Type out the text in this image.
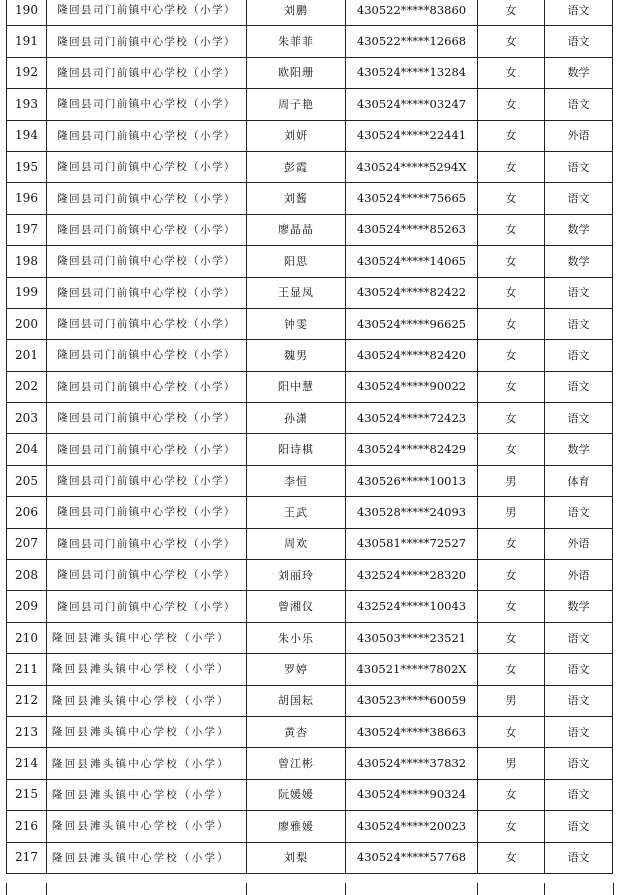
190	隆回县司门前镇中心学校（小学）	刘鹏	430522*****83860	女	语文
191	隆回县司门前镇中心学校（小学）	朱菲菲	430522*****12668	女	语文
192	隆回县司门前镇中心学校（小学）	欧阳珊	430524*****13284	女	数学
193	隆回县司门前镇中心学校（小学）	周子艳	430524*****03247	女	语文
194	隆回县司门前镇中心学校（小学）	刘妍	430524*****22441	女	外语
195	隆回县司门前镇中心学校（小学）	彭霞	430524*****5294X	女	语文
196	隆回县司门前镇中心学校（小学）	刘酱	430524*****75665	女	语文
197	隆回县司门前镇中心学校（小学）	廖晶晶	430524*****85263	女	数学
198	隆回县司门前镇中心学校（小学）	阳思	430524*****14065	女	数学
199	隆回县司门前镇中心学校（小学）	王显凤	430524*****82422	女	语文
200	隆回县司门前镇中心学校（小学）	钟雯	430524*****96625	女	语文
201	隆回县司门前镇中心学校（小学）	魏男	430524*****82420	女	语文
202	隆回县司门前镇中心学校（小学）	阳中慧	430524*****90022	女	语文
203	隆回县司门前镇中心学校（小学）	孙潇	430524*****72423	女	语文
204	隆回县司门前镇中心学校（小学）	阳诗棋	430524*****82429	女	数学
205	隆回县司门前镇中心学校（小学）	李恒	430526*****10013	男	体育
206	隆回县司门前镇中心学校（小学）	王武	430528*****24093	男	语文
207	隆回县司门前镇中心学校（小学）	周欢	430581*****72527	女	外语
208	隆回县司门前镇中心学校（小学）	刘丽玲	432524*****28320	女	外语
209	隆回县司门前镇中心学校（小学）	曾湘仪	432524*****10043	女	数学
210	隆回县滩头镇中心学校（小学）	朱小乐	430503*****23521	女	语文
211	隆回县滩头镇中心学校（小学）	罗婷	430521*****7802X	女	语文
212	隆回县滩头镇中心学校（小学）	胡国耘	430523*****60059	男	语文
213	隆回县滩头镇中心学校（小学）	黄杏	430524*****38663	女	语文
214	隆回县滩头镇中心学校（小学）	曾江彬	430524*****37832	男	语文
215	隆回县滩头镇中心学校（小学）	阮媛媛	430524*****90324	女	语文
216	隆回县滩头镇中心学校（小学）	廖雅媛	430524*****20023	女	语文
217	隆回县滩头镇中心学校（小学）	刘梨	430524*****57768	女	语文
